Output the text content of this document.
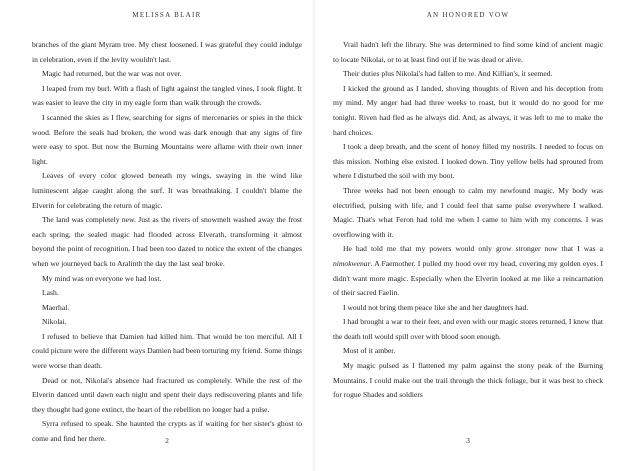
MELISSA BLAIR

branches of the giant Myram tree. My chest loosened. I was grateful they could indulge in celebration, even if the levity wouldn't last.

Magic had returned, but the war was not over.

I leaped from my burl. With a flash of light against the tangled vines, I took flight. It was easier to leave the city in my eagle form than walk through the crowds.

I scanned the skies as I flew, searching for signs of mercenaries or spies in the thick wood. Before the seals had broken, the wood was dark enough that any signs of fire were easy to spot. But now the Burning Mountains were aflame with their own inner light.

Leaves of every color glowed beneath my wings, swaying in the wind like luminescent algae caught along the surf. It was breathtaking. I couldn't blame the Elverin for celebrating the return of magic.

The land was completely new. Just as the rivers of snowmelt washed away the frost each spring, the sealed magic had flooded across Elverath, transforming it almost beyond the point of recognition. I had been too dazed to notice the extent of the changes when we journeyed back to Aralinth the day the last seal broke.

My mind was on everyone we had lost.

Lash.

Maerhal.

Nikolai.

I refused to believe that Damien had killed him. That would be too merciful. All I could picture were the different ways Damien had been torturing my friend. Some things were worse than death.

Dead or not, Nikolai's absence had fractured us completely. While the rest of the Elverin danced until dawn each night and spent their days rediscovering plants and life they thought had gone extinct, the heart of the rebellion no longer had a pulse.

Syrra refused to speak. She haunted the crypts as if waiting for her sister's ghost to come and find her there.	2
AN HONORED VOW

Vrail hadn't left the library. She was determined to find some kind of ancient magic to locate Nikolai, or to at least find out if he was dead or alive.

Their duties plus Nikolai's had fallen to me. And Killian's, it seemed.

I kicked the ground as I landed, shoving thoughts of Riven and his deception from my mind. My anger had had three weeks to roast, but it would do no good for me tonight. Riven had fled as he always did. And, as always, it was left to me to make the hard choices.

I took a deep breath, and the scent of honey filled my nostrils. I needed to focus on this mission. Nothing else existed. I looked down. Tiny yellow bells had sprouted from where I disturbed the soil with my boot.

Three weeks had not been enough to calm my newfound magic. My body was electrified, pulsing with life, and I could feel that same pulse everywhere I walked. Magic. That's what Feron had told me when I came to him with my concerns. I was overflowing with it.

He had told me that my powers would only grow stronger now that I was a nimokwenar. A Faemother. I pulled my hood over my head, covering my golden eyes. I didn't want more magic. Especially when the Elverin looked at me like a reincarnation of their sacred Faelin.

I would not bring them peace like she and her daughters had.

I had brought a war to their feet, and even with our magic stores returned, I knew that the death toll would spill over with blood soon enough.

Most of it amber.

My magic pulsed as I flattened my palm against the stony peak of the Burning Mountains. I could make out the trail through the thick foliage, but it was best to check for rogue Shades and soldiers

3
